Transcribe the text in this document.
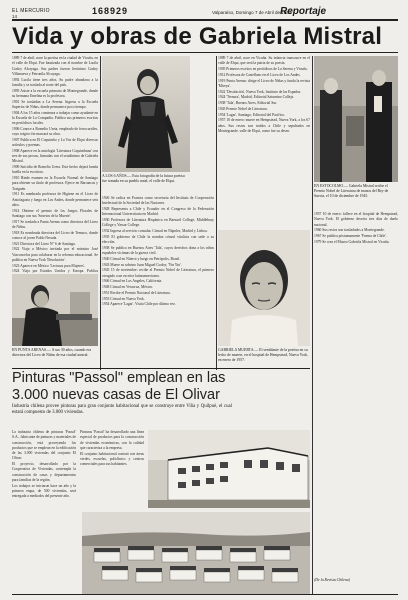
EL MERCURIO	168929	Valparaíso, Domingo 7 de Abril de 1984
Reportaje
14
Vida y obras de Gabriela Mistral

1889 7 de abril, nace la poetisa en la ciudad de Vicuña, en el valle de Elqui. Fue bautizada con el nombre de Lucila Godoy Alcayaga. Sus padres fueron Jerónimo Godoy Villanueva y Petronila Alcayaga.

1892 Lucila tiene tres años. Su padre abandona a la familia y se traslada al norte del país.

1895 Asiste a la escuela primaria de Montegrande, donde su hermana Emelina es la profesora.

1901 Se trasladan a La Serena. Ingresa a la Escuela Superior de Niñas, donde permanece poco tiempo.

1904 A los 15 años comienza a trabajar como ayudante en la Escuela de La Compañía. Publica sus primeros escritos en periódicos locales.

1906 Conoce a Romelio Ureta, empleado de ferrocarriles, cuyo trágico fin marcará su obra.

1907 Publica en El Coquimbo y La Voz de Elqui diversos artículos y poemas.

1908 Aparece en la antología 'Literatura Coquimbana' con tres de sus prosas, firmadas con el seudónimo de Gabriela Mistral.

1909 Suicidio de Romelio Ureta. Este hecho dejará honda huella en la escritora.

1910 Rinde examen en la Escuela Normal de Santiago para obtener su título de profesora. Ejerce en Barrancas y Traiguén.

1911 Es nombrada profesora de Higiene en el Liceo de Antofagasta y luego en Los Andes, donde permanece seis años.

1914 Obtiene el premio de los Juegos Florales de Santiago con sus 'Sonetos de la Muerte'.

1917 Se traslada a Punta Arenas como directora del Liceo de Niñas.

1918 Es nombrada directora del Liceo de Temuco, donde conoce al joven Pablo Neruda.

1921 Directora del Liceo N° 6 de Santiago.

1922 Viaja a México invitada por el ministro José Vasconcelos para colaborar en la reforma educacional. Se publica en Nueva York 'Desolación'.

1923 Aparece en México 'Lecturas para Mujeres'.

1924 Viaja por Estados Unidos y Europa. Publica

A LOS 6 AÑOS.— Esta fotografía de la futura poetisa fue tomada en su pueblo natal, el valle de Elqui.

1926 Se radica en Francia como secretaria del Instituto de Cooperación Intelectual de la Sociedad de las Naciones.

1928 Representa a Chile y Ecuador en el Congreso de la Federación Internacional Universitaria en Madrid.

1930 Profesora de Literatura Hispánica en Barnard College, Middlebury College y Vassar College.

1932 Ingresa al servicio consular. Cónsul en Nápoles, Madrid y Lisboa.

1935 El gobierno de Chile la nombra cónsul vitalicia con sede a su elección.

1938 Se publica en Buenos Aires 'Tala', cuyos derechos dona a los niños españoles víctimas de la guerra civil.

1940 Cónsul en Niteroi y luego en Petrópolis, Brasil.

1943 Muere su sobrino Juan Miguel Godoy, 'Yin Yin'.

1945 15 de noviembre: recibe el Premio Nobel de Literatura, el primero otorgado a un escritor latinoamericano.

1946 Cónsul en Los Angeles, California.

1948 Cónsul en Veracruz, México.

1951 Recibe el Premio Nacional de Literatura.

1953 Cónsul en Nueva York.

1954 Aparece 'Lagar'. Visita Chile por última vez.

1889 7 de abril, nace en Vicuña. Su infancia transcurre en el valle de Elqui, que será la patria de su poesía.

1905 Primeros escritos en periódicos de La Serena y Vicuña.

1912 Profesora de Castellano en el Liceo de Los Andes.

1919 Punta Arenas: dirige el Liceo de Niñas y funda la revista 'Mireya'.

1922 'Desolación', Nueva York, Instituto de las Españas.

1924 'Ternura', Madrid, Editorial Saturnino Calleja.

1938 'Tala', Buenos Aires, Editorial Sur.

1945 Premio Nobel de Literatura.

1954 'Lagar', Santiago, Editorial del Pacífico.

1957 10 de enero: muere en Hempstead, Nueva York, a los 67 años. Sus restos son traídos a Chile y sepultados en Montegrande, valle de Elqui, como fue su deseo.

EN ESTOCOLMO.— Gabriela Mistral recibe el Premio Nobel de Literatura de manos del Rey de Suecia, el 10 de diciembre de 1945.
EN PUNTA ARENAS.— A sus 30 años, cuando era directora del Liceo de Niñas de esa ciudad austral.
GABRIELA MUERTA.— El semblante de la poetisa en su lecho de muerte, en el hospital de Hempstead, Nueva York, en enero de 1957.

1957 10 de enero: fallece en el hospital de Hempstead, Nueva York. El gobierno decreta tres días de duelo nacional.

1960 Sus restos son trasladados a Montegrande.

1967 Se publica póstumamente 'Poema de Chile'.

1979 Se crea el Museo Gabriela Mistral en Vicuña.

(De la Revista Chilena)
Pinturas "Passol" emplean en las 3.000 nuevas casas de El Olivar
Industria chilena provee pinturas para gran conjunto habitacional que se construye entre Viña y Quilpué, el cual estará compuesto de 3.000 viviendas.

La industria chilena de pinturas 'Passol' S.A., fabricante de pinturas y materiales de construcción, está proveyendo los productos que se emplean en la edificación de las 3.000 viviendas del conjunto El Olivar.

El proyecto, desarrollado por la Cooperativa de Viviendas, contempla la construcción de casas y departamentos para familias de la región.

Los trabajos se iniciaron hace un año y la primera etapa, de 500 viviendas, será entregada a mediados del presente año.

Pinturas 'Passol' ha desarrollado una línea especial de productos para la construcción de viviendas económicas, con la calidad que caracteriza a la empresa.

El conjunto habitacional contará con áreas verdes, escuelas, policlínico y centros comerciales para sus habitantes.
